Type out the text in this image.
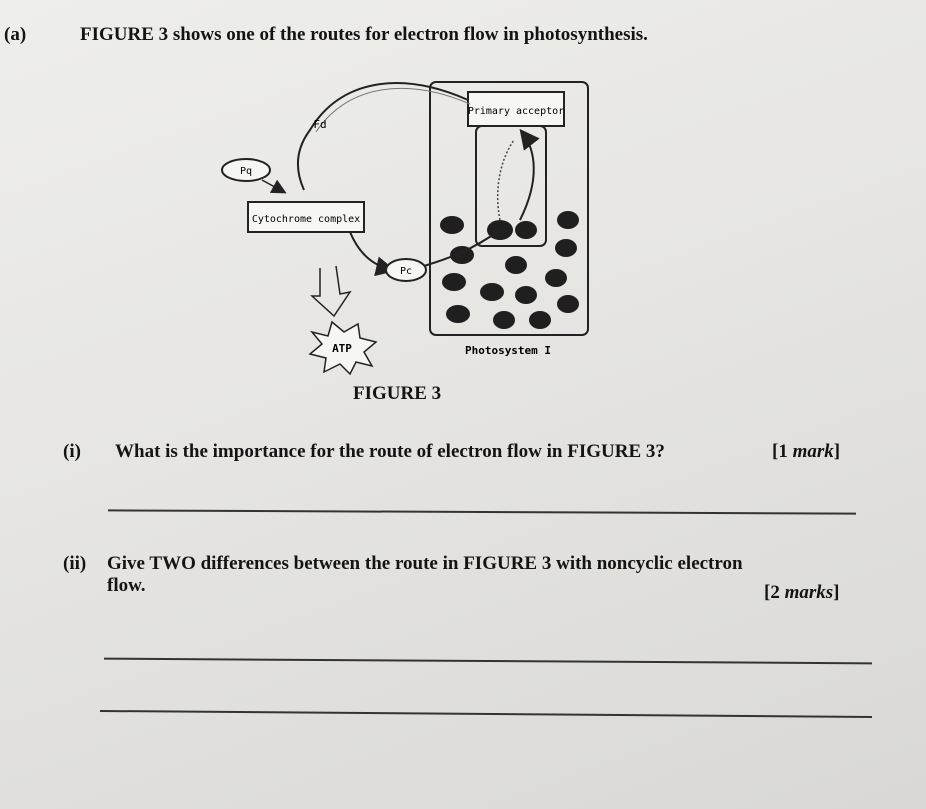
(a)	FIGURE 3 shows one of the routes for electron flow in photosynthesis.
Primary acceptor
Fd
Pq
Cytochrome complex
Pc
ATP	Photosystem I
FIGURE 3
(i) What is the importance for the route of electron flow in FIGURE 3?	[1 mark]
(ii) Give TWO differences between the route in FIGURE 3 with noncyclic electron
flow.	[2 marks]
